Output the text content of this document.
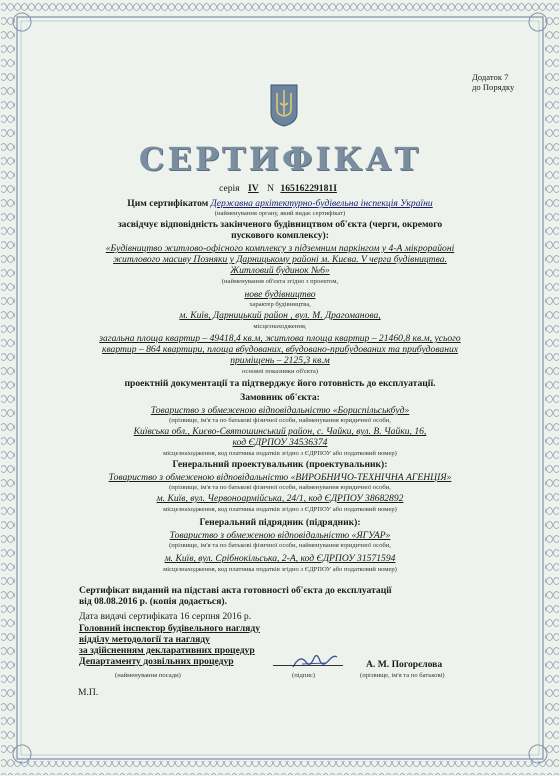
Додаток 7
до Порядку
СЕРТИФІКАТ
серія IV N 16516229181I
Цим сертифікатом Державна архітектурно-будівельна інспекція України
(найменування органу, який видає сертифікат)
засвідчує відповідність закінченого будівництвом об'єкта (черги, окремого пускового комплексу):
«Будівництво житлово-офісного комплексу з підземним паркінгом у 4-А мікрорайоні
житлового масиву Позняки у Дарницькому районі м. Києва. V черга будівництва.
Житловий будинок №6»
(найменування об'єкта згідно з проектом,
нове будівництво
характер будівництва,
м. Київ, Дарницький район , вул. М. Драгоманова,
місцезнаходження,
загальна площа квартир – 49418,4 кв.м, житлова площа квартир – 21460,8 кв.м, усього
квартир – 864 квартири, площа вбудованих, вбудовано-прибудованих та прибудованих
приміщень – 2125,3 кв.м
основні показники об'єкта)
проектній документації та підтверджує його готовність до експлуатації.
Замовник об'єкта:
Товариство з обмеженою відповідальністю «Бориспільськбуд»
(прізвище, ім'я та по батькові фізичної особи, найменування юридичної особи,
Київська обл., Києво-Святошинський район, с. Чайки, вул. В. Чайки, 16,
код ЄДРПОУ 34536374
місцезнаходження, код платника податків згідно з ЄДРПОУ або податковий номер)
Генеральний проектувальник (проектувальник):
Товариство з обмеженою відповідальністю «ВИРОБНИЧО-ТЕХНІЧНА АГЕНЦІЯ»
(прізвище, ім'я та по батькові фізичної особи, найменування юридичної особи,
м. Київ, вул. Червоноармійська, 24/1, код ЄДРПОУ 38682892
місцезнаходження, код платника податків згідно з ЄДРПОУ або податковий номер)
Генеральний підрядник (підрядник):
Товариство з обмеженою відповідальністю «ЯГУАР»
(прізвище, ім'я та по батькові фізичної особи, найменування юридичної особи,
м. Київ, вул. Срібнокільська, 2-А, код ЄДРПОУ 31571594
місцезнаходження, код платника податків згідно з ЄДРПОУ або податковий номер)
Сертифікат виданий на підставі акта готовності об'єкта до експлуатації
від 08.08.2016 р. (копія додається).
Дата видачі сертифіката 16 серпня 2016 р.
Головний інспектор будівельного нагляду
відділу методології та нагляду
за здійсненням декларативних процедур
Департаменту дозвільних процедур
(найменування посади)	(підпис)
А. М. Погорєлова
(прізвище, ім'я та по батькові)
М.П.
